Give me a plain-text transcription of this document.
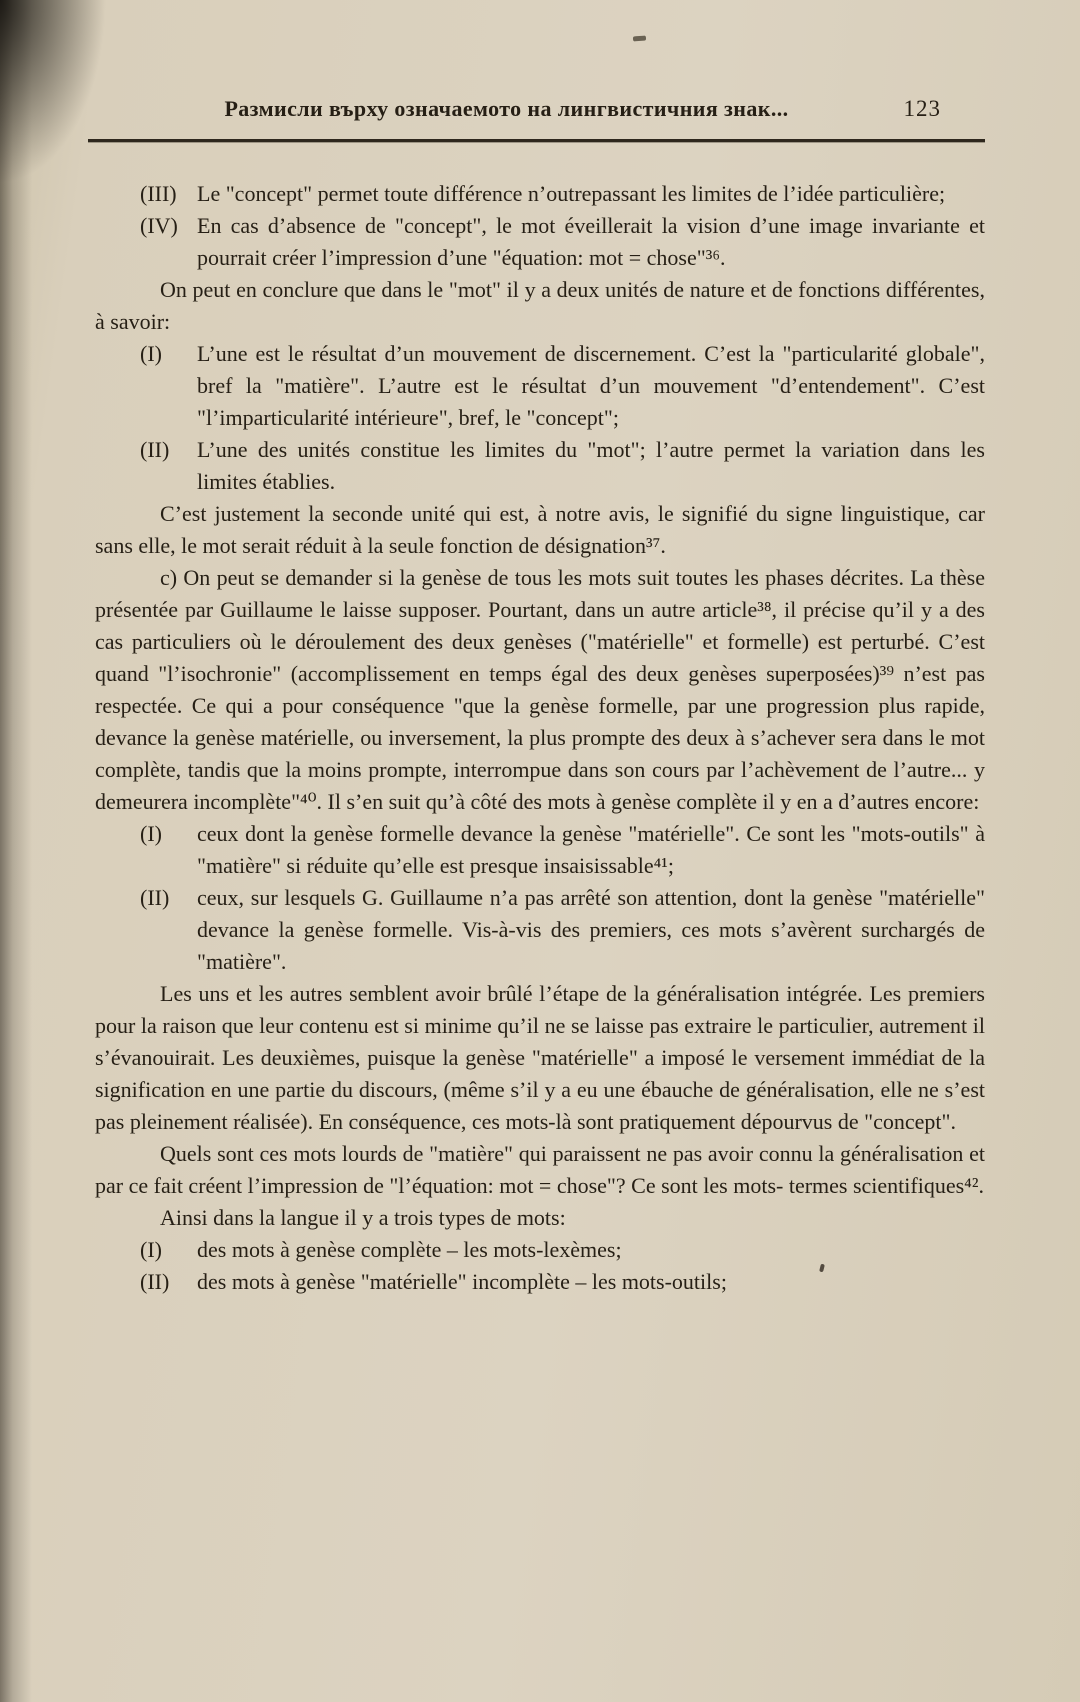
Размисли върху означаемото на лингвистичния знак...	123

(III) Le "concept" permet toute différence n’outrepassant les limites de l’idée particulière;

(IV) En cas d’absence de "concept", le mot éveillerait la vision d’une image invariante et pourrait créer l’impression d’une "équation: mot = chose"³⁶.

On peut en conclure que dans le "mot" il y a deux unités de nature et de fonctions différentes, à savoir:

(I) L’une est le résultat d’un mouvement de discernement. C’est la "particularité globale", bref la "matière". L’autre est le résultat d’un mouvement "d’entendement". C’est "l’imparticularité intérieure", bref, le "concept";

(II) L’une des unités constitue les limites du "mot"; l’autre permet la variation dans les limites établies.

C’est justement la seconde unité qui est, à notre avis, le signifié du signe linguistique, car sans elle, le mot serait réduit à la seule fonction de désignation³⁷.

c) On peut se demander si la genèse de tous les mots suit toutes les phases décrites. La thèse présentée par Guillaume le laisse supposer. Pourtant, dans un autre article³⁸, il précise qu’il y a des cas particuliers où le déroulement des deux genèses ("matérielle" et formelle) est perturbé. C’est quand "l’isochronie" (accomplissement en temps égal des deux genèses superposées)³⁹ n’est pas respectée. Ce qui a pour conséquence "que la genèse formelle, par une progression plus rapide, devance la genèse matérielle, ou inversement, la plus prompte des deux à s’achever sera dans le mot complète, tandis que la moins prompte, interrompue dans son cours par l’achèvement de l’autre... y demeurera incomplète"⁴⁰. Il s’en suit qu’à côté des mots à genèse complète il y en a d’autres encore:

(I) ceux dont la genèse formelle devance la genèse "matérielle". Ce sont les "mots-outils" à "matière" si réduite qu’elle est presque insaisissable⁴¹;

(II) ceux, sur lesquels G. Guillaume n’a pas arrêté son attention, dont la genèse "matérielle" devance la genèse formelle. Vis-à-vis des premiers, ces mots s’avèrent surchargés de "matière".

Les uns et les autres semblent avoir brûlé l’étape de la généralisation intégrée. Les premiers pour la raison que leur contenu est si minime qu’il ne se laisse pas extraire le particulier, autrement il s’évanouirait. Les deuxièmes, puisque la genèse "matérielle" a imposé le versement immédiat de la signification en une partie du discours, (même s’il y a eu une ébauche de généralisation, elle ne s’est pas pleinement réalisée). En conséquence, ces mots-là sont pratiquement dépourvus de "concept".

Quels sont ces mots lourds de "matière" qui paraissent ne pas avoir connu la généralisation et par ce fait créent l’impression de "l’équation: mot = chose"? Ce sont les mots- termes scientifiques⁴².

Ainsi dans la langue il y a trois types de mots:

(I) des mots à genèse complète – les mots-lexèmes;

(II) des mots à genèse "matérielle" incomplète – les mots-outils;
